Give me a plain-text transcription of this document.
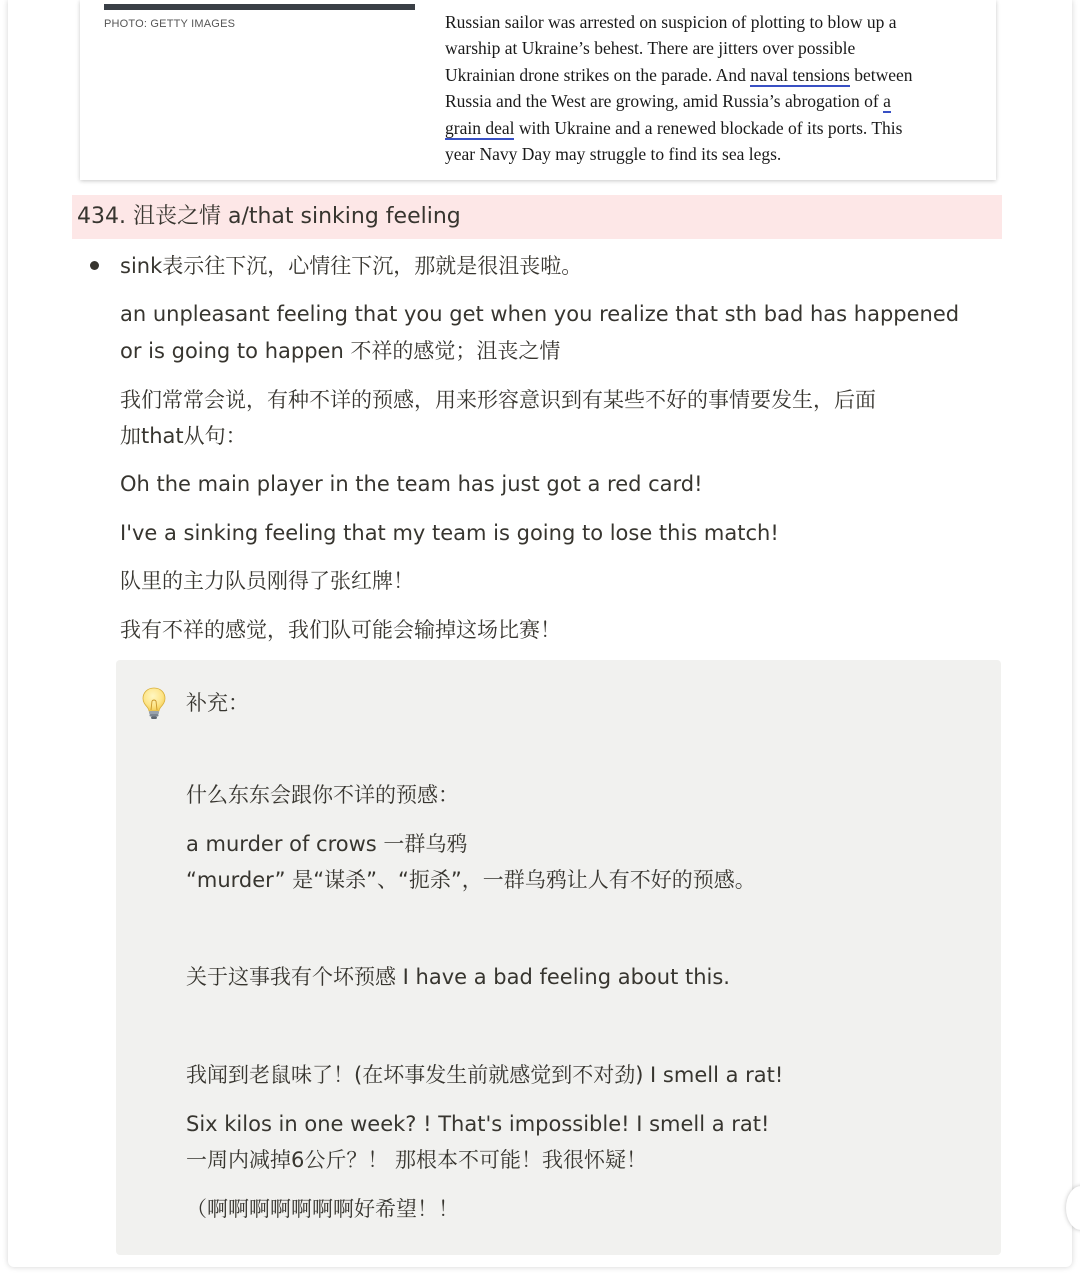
PHOTO: GETTY IMAGES	Russian sailor was arrested on suspicion of plotting to blow up a
warship at Ukraine’s behest. There are jitters over possible
Ukrainian drone strikes on the parade. And naval tensions between
Russia and the West are growing, amid Russia’s abrogation of a
grain deal with Ukraine and a renewed blockade of its ports. This
year Navy Day may struggle to find its sea legs.
434. 沮丧之情 a/that sinking feeling
sink表示往下沉，心情往下沉，那就是很沮丧啦。
an unpleasant feeling that you get when you realize that sth bad has happened
or is going to happen 不祥的感觉；沮丧之情
我们常常会说，有种不详的预感，用来形容意识到有某些不好的事情要发生，后面
加that从句：
Oh the main player in the team has just got a red card!
I've a sinking feeling that my team is going to lose this match!
队里的主力队员刚得了张红牌！
我有不祥的感觉，我们队可能会输掉这场比赛！
补充：
什么东东会跟你不详的预感：
a murder of crows 一群乌鸦
“murder” 是“谋杀”、“扼杀”，一群乌鸦让人有不好的预感。
关于这事我有个坏预感 I have a bad feeling about this.
我闻到老鼠味了！(在坏事发生前就感觉到不对劲) I smell a rat!
Six kilos in one week? ! That's impossible! I smell a rat!
一周内减掉6公斤？！ 那根本不可能！我很怀疑！
（啊啊啊啊啊啊啊好希望！！
